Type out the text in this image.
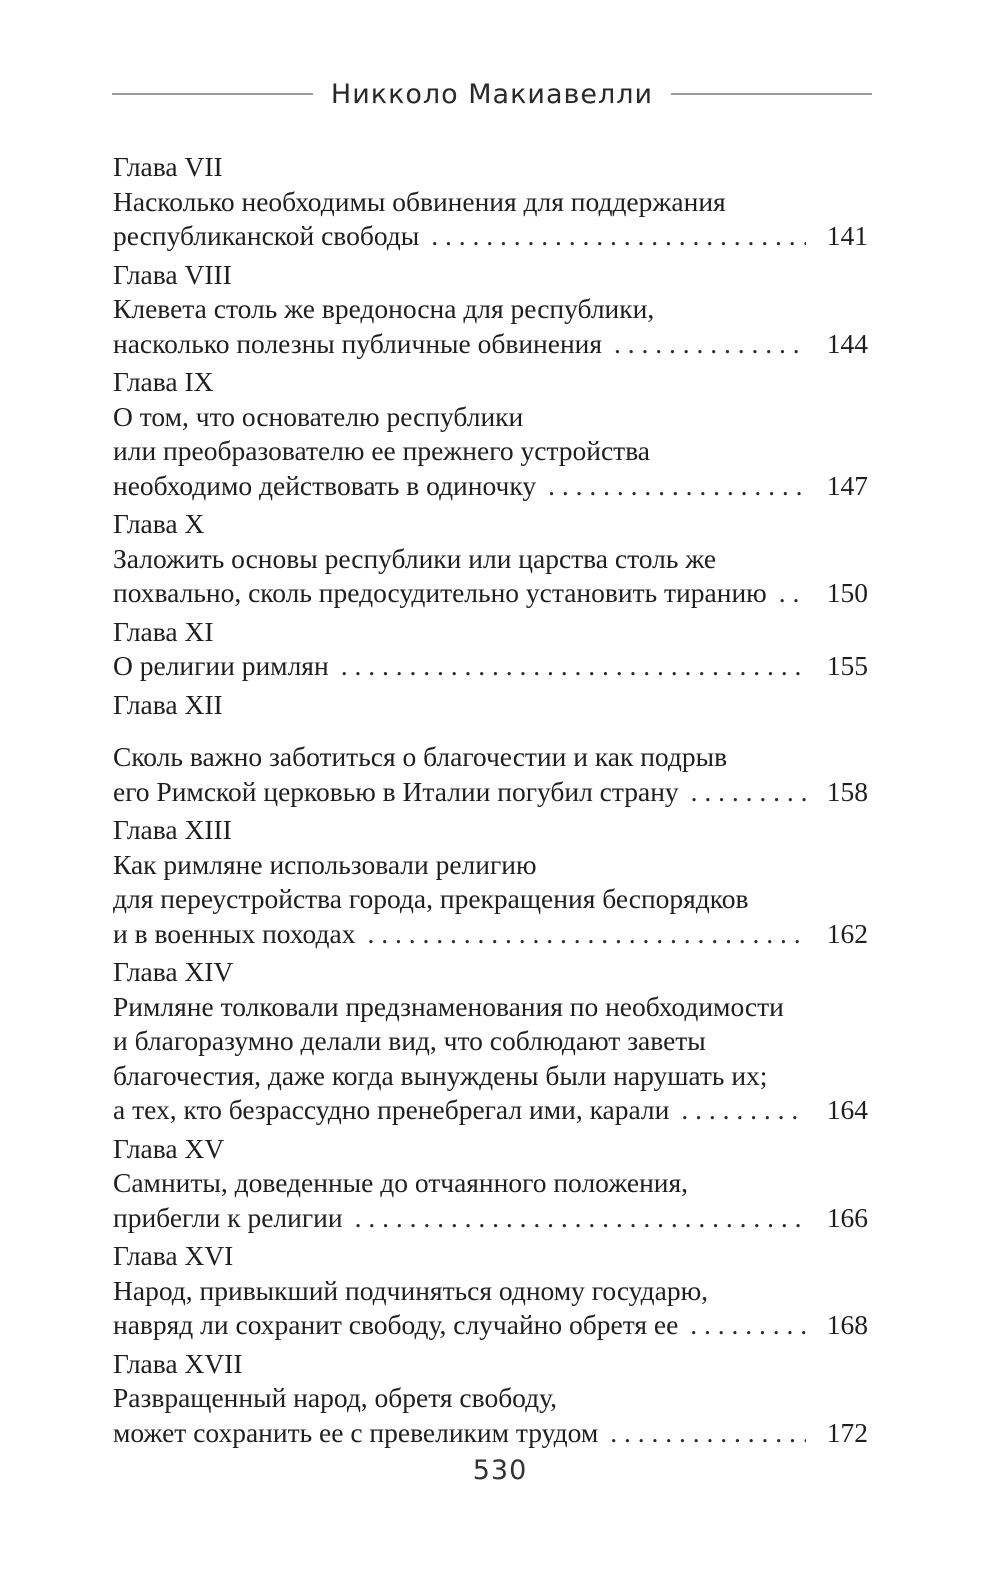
Никколо Макиавелли
Глава VII
Насколько необходимы обвинения для поддержания
республиканской свободы . . .	141
Глава VIII
Клевета столь же вредоносна для республики,
насколько полезны публичные обвинения . . .	144
Глава IX
О том, что основателю республики
или преобразователю ее прежнего устройства
необходимо действовать в одиночку . . .	147
Глава X
Заложить основы республики или царства столь же
похвально, сколь предосудительно установить тиранию . . .	150
Глава XI
О религии римлян . . .	155
Глава XII
Сколь важно заботиться о благочестии и как подрыв
его Римской церковью в Италии погубил страну . . .	158
Глава XIII
Как римляне использовали религию
для переустройства города, прекращения беспорядков
и в военных походах . . .	162
Глава XIV
Римляне толковали предзнаменования по необходимости
и благоразумно делали вид, что соблюдают заветы
благочестия, даже когда вынуждены были нарушать их;
а тех, кто безрассудно пренебрегал ими, карали . . .	164
Глава XV
Самниты, доведенные до отчаянного положения,
прибегли к религии . . .	166
Глава XVI
Народ, привыкший подчиняться одному государю,
навряд ли сохранит свободу, случайно обретя ее . . .	168
Глава XVII
Развращенный народ, обретя свободу,
может сохранить ее с превеликим трудом . . .	172
530
